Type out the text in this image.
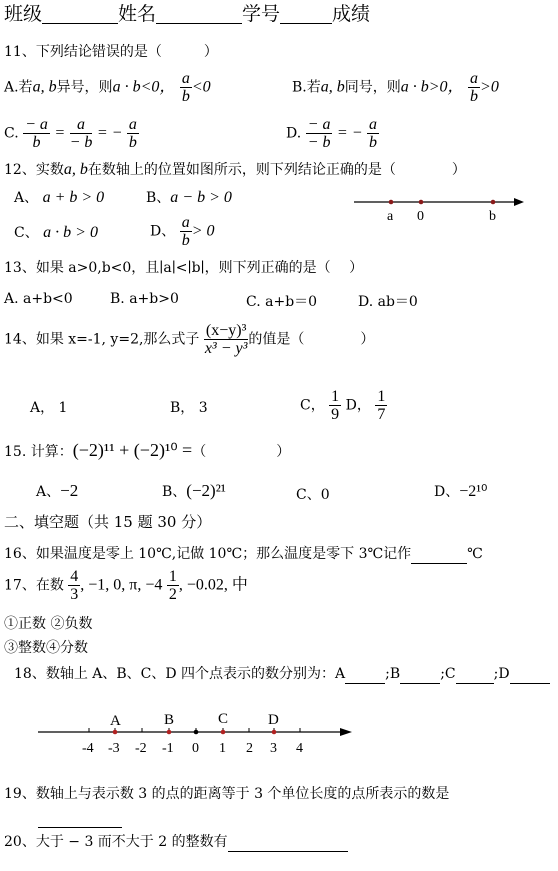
班级	姓名	学号	成绩
11、下列结论错误的是（　　　）
A.若a, b异号，则a · b<0， $\frac{a}{b} <0$	B.若a, b同号，则a · b>0， $\frac{a}{b} >0$
C. $\frac{- a}{b} = \frac{a}{- b}$ = − $\frac{a}{b}$	D. $\frac{- a}{- b}$ = − $\frac{a}{b}$
12、实数a, b在数轴上的位置如图所示，则下列结论正确的是（　　　　）
A、 a + b > 0	B、a − b > 0
C、 a · b > 0	D、 $\frac{a}{b} > 0$
a 0	b
13、如果 a>0,b<0，且∣a∣<∣b∣，则下列正确的是（　 ）
A. a+b<0	B. a+b>0	C. a+b＝0	D. ab＝0
14、如果 x=-1, y=2,那么式子 $\frac{\text{(x−y)³}}{\text{x³ − y³}}$ 的值是（　　　　）
A， 1	B， 3	C， $\frac{1}{9}$ D， $\frac{1}{7}$
15. 计算：(−2)¹¹ + (−2)¹⁰ =（　　　　　）
A、−2	B、(−2)²¹	C、0	D、−2¹⁰
二、填空题（共 15 题 30 分）
16、如果温度是零上 10℃,记做 10℃；那么温度是零下 3℃记作	℃
17、在数 $\frac{4}{3}$ , −1, 0, π, $-4 \frac{1}{2}$ , −0.02, 中
①正数 ②负数
③整数④分数
18、数轴上 A、B、C、D 四个点表示的数分别为：A	;B	;C	;D
A	B	C	D
-4 -3 -2 -1 0 1 2 3 4
19、数轴上与表示数 3 的点的距离等于 3 个单位长度的点所表示的数是
20、大于 − 3 而不大于 2 的整数有
